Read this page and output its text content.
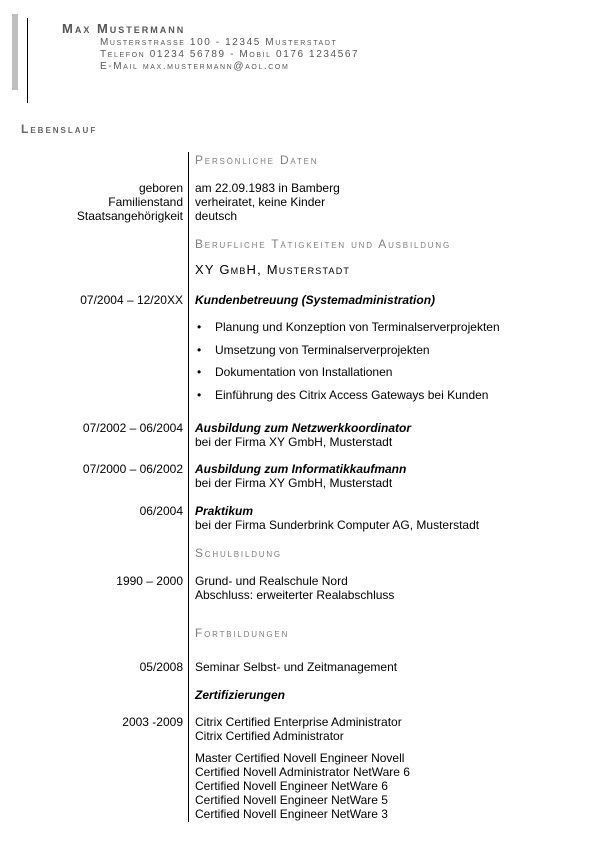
Max Mustermann
Musterstrasse 100 - 12345 Musterstadt
Telefon 01234 56789 - Mobil 0176 1234567
E-Mail max.mustermann@aol.com
Lebenslauf
Persönliche Daten
geboren am 22.09.1983 in Bamberg
Familienstand verheiratet, keine Kinder
Staatsangehörigkeit deutsch
Berufliche Tätigkeiten und Ausbildung
XY GmbH, Musterstadt
07/2004 – 12/20XX Kundenbetreuung (Systemadministration)
• Planung und Konzeption von Terminalserverprojekten
• Umsetzung von Terminalserverprojekten
• Dokumentation von Installationen
• Einführung des Citrix Access Gateways bei Kunden
07/2002 – 06/2004 Ausbildung zum Netzwerkkoordinator
bei der Firma XY GmbH, Musterstadt
07/2000 – 06/2002 Ausbildung zum Informatikkaufmann
bei der Firma XY GmbH, Musterstadt
06/2004 Praktikum
bei der Firma Sunderbrink Computer AG, Musterstadt
Schulbildung
1990 – 2000 Grund- und Realschule Nord
Abschluss: erweiterter Realabschluss
Fortbildungen
05/2008 Seminar Selbst- und Zeitmanagement
Zertifizierungen
2003 -2009 Citrix Certified Enterprise Administrator
Citrix Certified Administrator
Master Certified Novell Engineer Novell
Certified Novell Administrator NetWare 6
Certified Novell Engineer NetWare 6
Certified Novell Engineer NetWare 5
Certified Novell Engineer NetWare 3
